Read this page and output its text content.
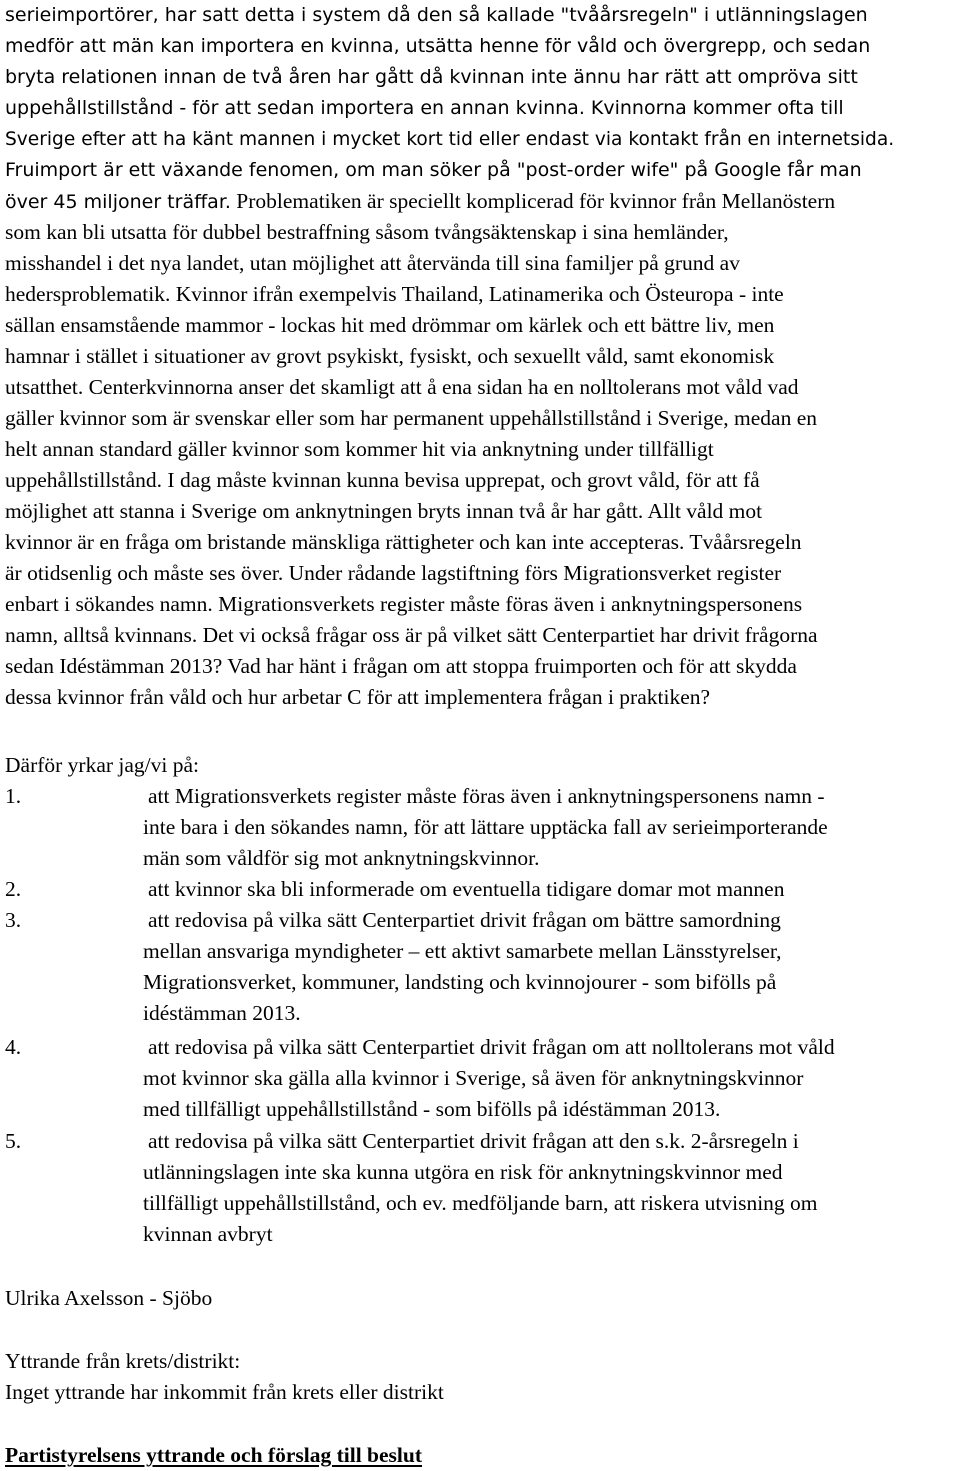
serieimportörer, har satt detta i system då den så kallade "tvåårsregeln" i utlänningslagen
medför att män kan importera en kvinna, utsätta henne för våld och övergrepp, och sedan
bryta relationen innan de två åren har gått då kvinnan inte ännu har rätt att ompröva sitt
uppehållstillstånd - för att sedan importera en annan kvinna. Kvinnorna kommer ofta till
Sverige efter att ha känt mannen i mycket kort tid eller endast via kontakt från en internetsida.
Fruimport är ett växande fenomen, om man söker på "post-order wife" på Google får man
över 45 miljoner träffar. Problematiken är speciellt komplicerad för kvinnor från Mellanöstern
som kan bli utsatta för dubbel bestraffning såsom tvångsäktenskap i sina hemländer,
misshandel i det nya landet, utan möjlighet att återvända till sina familjer på grund av
hedersproblematik. Kvinnor ifrån exempelvis Thailand, Latinamerika och Östeuropa - inte
sällan ensamstående mammor - lockas hit med drömmar om kärlek och ett bättre liv, men
hamnar i stället i situationer av grovt psykiskt, fysiskt, och sexuellt våld, samt ekonomisk
utsatthet. Centerkvinnorna anser det skamligt att å ena sidan ha en nolltolerans mot våld vad
gäller kvinnor som är svenskar eller som har permanent uppehållstillstånd i Sverige, medan en
helt annan standard gäller kvinnor som kommer hit via anknytning under tillfälligt
uppehållstillstånd. I dag måste kvinnan kunna bevisa upprepat, och grovt våld, för att få
möjlighet att stanna i Sverige om anknytningen bryts innan två år har gått. Allt våld mot
kvinnor är en fråga om bristande mänskliga rättigheter och kan inte accepteras. Tvåårsregeln
är otidsenlig och måste ses över. Under rådande lagstiftning förs Migrationsverket register
enbart i sökandes namn. Migrationsverkets register måste föras även i anknytningspersonens
namn, alltså kvinnans. Det vi också frågar oss är på vilket sätt Centerpartiet har drivit frågorna
sedan Idéstämman 2013? Vad har hänt i frågan om att stoppa fruimporten och för att skydda
dessa kvinnor från våld och hur arbetar C för att implementera frågan i praktiken?
Därför yrkar jag/vi på:
1.	att Migrationsverkets register måste föras även i anknytningspersonens namn -
inte bara i den sökandes namn, för att lättare upptäcka fall av serieimporterande
män som våldför sig mot anknytningskvinnor.
2.	att kvinnor ska bli informerade om eventuella tidigare domar mot mannen
3.	att redovisa på vilka sätt Centerpartiet drivit frågan om bättre samordning
mellan ansvariga myndigheter – ett aktivt samarbete mellan Länsstyrelser,
Migrationsverket, kommuner, landsting och kvinnojourer - som bifölls på
idéstämman 2013.
4.	att redovisa på vilka sätt Centerpartiet drivit frågan om att nolltolerans mot våld
mot kvinnor ska gälla alla kvinnor i Sverige, så även för anknytningskvinnor
med tillfälligt uppehållstillstånd - som bifölls på idéstämman 2013.
5.	att redovisa på vilka sätt Centerpartiet drivit frågan att den s.k. 2-årsregeln i
utlänningslagen inte ska kunna utgöra en risk för anknytningskvinnor med
tillfälligt uppehållstillstånd, och ev. medföljande barn, att riskera utvisning om
kvinnan avbryt
Ulrika Axelsson - Sjöbo
Yttrande från krets/distrikt:
Inget yttrande har inkommit från krets eller distrikt
Partistyrelsens yttrande och förslag till beslut
